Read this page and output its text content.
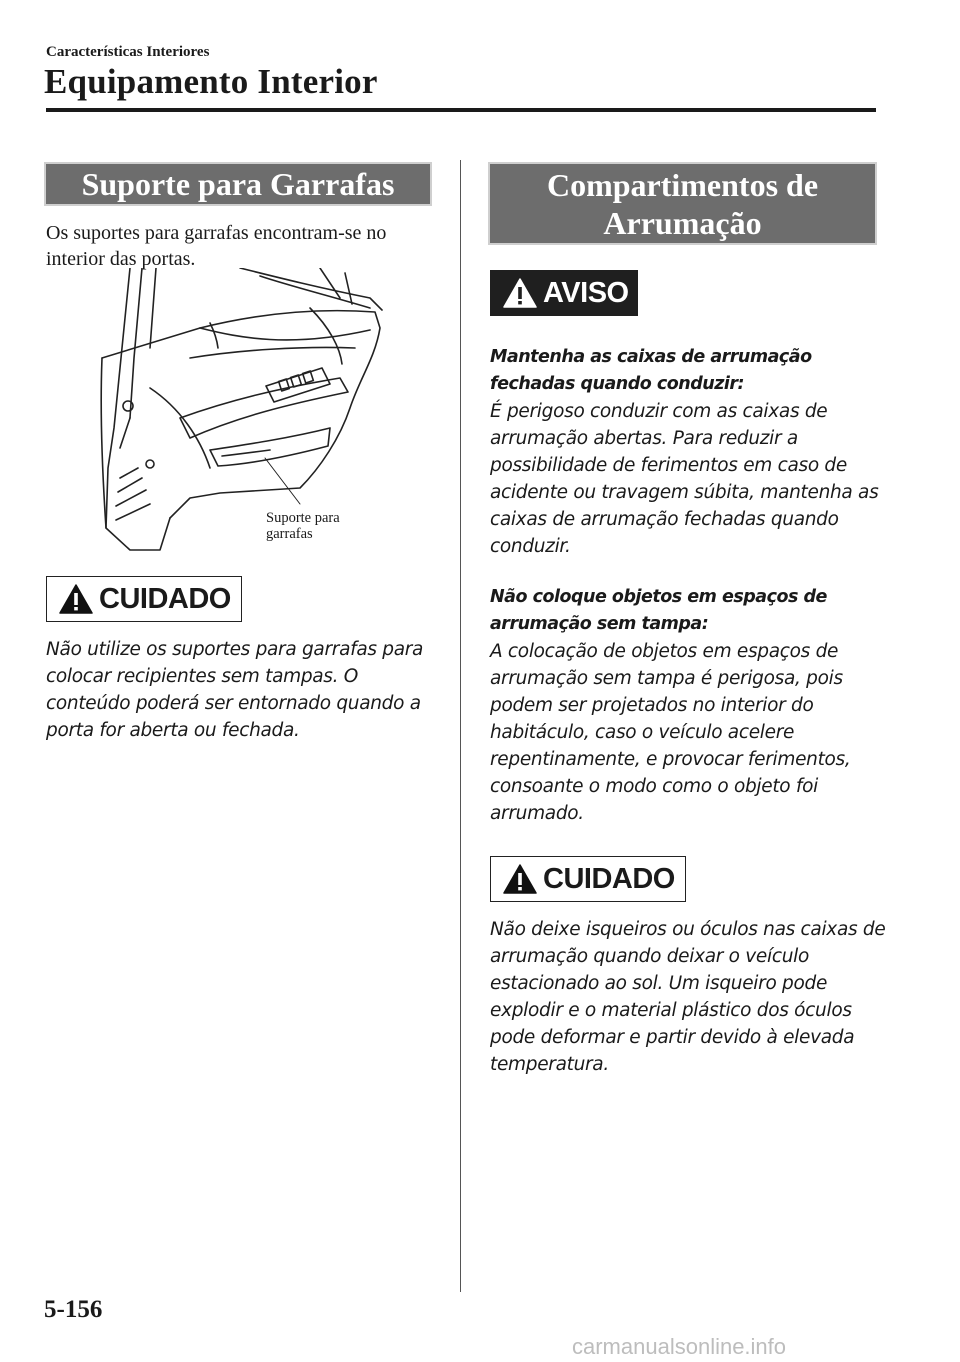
Características Interiores
Equipamento Interior
Suporte para Garrafas
Os suportes para garrafas encontram-se no
interior das portas.
Suporte para
garrafas
CUIDADO
Não utilize os suportes para garrafas para
colocar recipientes sem tampas. O
conteúdo poderá ser entornado quando a
porta for aberta ou fechada.
Compartimentos de
Arrumação
AVISO
Mantenha as caixas de arrumação
fechadas quando conduzir:
É perigoso conduzir com as caixas de
arrumação abertas. Para reduzir a
possibilidade de ferimentos em caso de
acidente ou travagem súbita, mantenha as
caixas de arrumação fechadas quando
conduzir.
Não coloque objetos em espaços de
arrumação sem tampa:
A colocação de objetos em espaços de
arrumação sem tampa é perigosa, pois
podem ser projetados no interior do
habitáculo, caso o veículo acelere
repentinamente, e provocar ferimentos,
consoante o modo como o objeto foi
arrumado.
CUIDADO
Não deixe isqueiros ou óculos nas caixas de
arrumação quando deixar o veículo
estacionado ao sol. Um isqueiro pode
explodir e o material plástico dos óculos
pode deformar e partir devido à elevada
temperatura.
5-156
carmanualsonline.info
